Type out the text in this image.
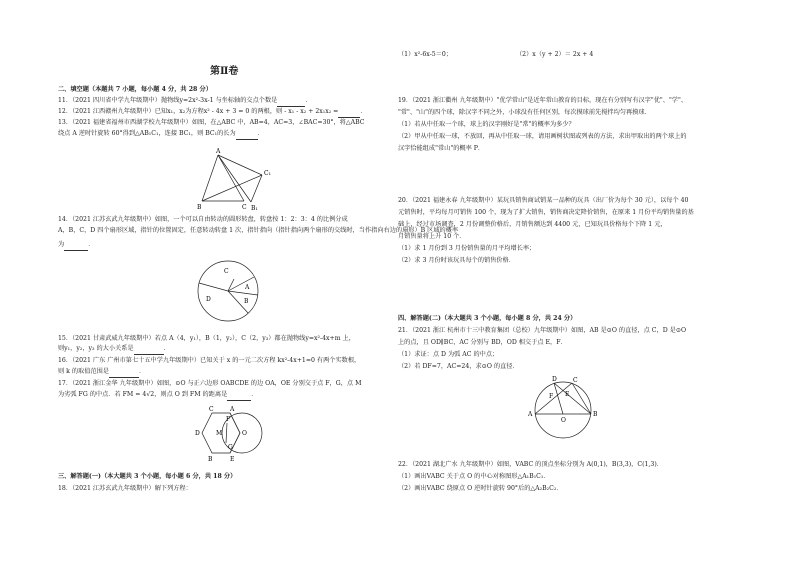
第Ⅱ卷
二、填空题（本题共 7 小题，每小题 4 分，共 28 分）
11．（2021 四川省中学九年级期中）抛物线y=2x²-3x-1 与坐标轴的交点个数是	．
12．（2021 江西赣州九年级期中）已知x₁，x₂为方程x² - 4x + 3 = 0 的两根，则 - x₁ - x₂ + 2x₁x₂ =	．
13．（2021 福建省福州市西湖学校九年级期中）如图，在△ABC 中，AB=4，AC=3，∠BAC=30°，将△ABC
绕点 A 逆时针旋转 60°得到△AB₁C₁，连接 BC₁，则 BC₁的长为	．
A
B	C B₁
C₁
14．（2021 江苏玄武九年级期中）如图，一个可以自由转动的圆形转盘，转盘按 1：2：3：4 的比例分成
A，B，C，D 四个扇形区域，指针的位置固定，任意转动转盘 1 次，指针指向（指针指向两个扇形的交线时，当作指向右边的扇形）B 区域的概率
为	．
C
D
A
B
15．（2021 甘肃武威九年级期中）若点 A（4，y₁），B（1，y₂），C（2，y₃）都在抛物线y=x²-4x+m 上，
则y₁，y₂，y₃ 的大小关系是	．
16．（2021 广东 广州市第七十五中学九年级期中）已知关于 x 的一元二次方程 kx²-4x+1=0 有两个实数根，
则 k 的取值范围是	．
17．（2021 浙江金华 九年级期中）如图，⊙O 与正六边形 OABCDE 的边 OA，OE 分别交于点 F，G，点 M
为劣弧 FG 的中点．若 FM = 4√2，则点 O 到 FM 的距离是	．
C	A
D	M
F
G
O
B	E
三、解答题(一)（本大题共 3 个小题，每小题 6 分，共 18 分）
18．（2021 江苏玄武九年级期中）解下列方程：
（1）x²-6x-5＝0；	（2）x（y + 2）＝ 2x + 4
19．（2021 浙江衢州 九年级期中）"优学常山"是近年常山教育的目标，现在有分别写有汉字"优"、"学"、
"常"、"山"的四个球，除汉字不同之外，小球没有任何区别，每次摸球前先搅拌均匀再摸球．
（1）若从中任取一个球，球上的汉字刚好是"常"的概率为多少？
（2）甲从中任取一球，不放回，再从中任取一球，请用画树状图或列表的方法，求出甲取出的两个球上的
汉字恰能组成"常山"的概率 P．
20．（2021 福建永春 九年级期中）某玩具销售商试销某一品种的玩具（出厂价为每个 30 元），以每个 40
元销售时，平均每月可销售 100 个，现为了扩大销售，销售商决定降价销售，在原来 1 月份平均销售量的基
础上，经过市场调查，2 月份调整价格后，月销售额达到 4400 元，已知玩具价格每个下降 1 元，
月销售量将上升 10 个．
（1）求 1 月份到 3 月份销售量的月平均增长率；
（2）求 3 月份时该玩具每个的销售价格．
四、解答题(二)（本大题共 3 个小题，每小题 8 分，共 24 分）
21．（2021 浙江 杭州市十三中教育集团（总校）九年级期中）如图，AB 是⊙O 的直径，点 C，D 是⊙O
上的点，且 OD∥BC，AC 分别与 BD，OD 相交于点 E，F．
（1）求证：点 D 为弧 AC 的中点；
（2）若 DF=7，AC=24，求⊙O 的直径．
D	C
A	B
O
E
F
22．（2021 湖北广水 九年级期中）如图，VABC 的顶点坐标分别为 A(0,1)，B(3,3)，C(1,3)．
（1）画出VABC 关于点 O 的中心对称图形△A₁B₁C₁．
（2）画出VABC 绕原点 O 逆时针旋转 90°后的△A₂B₂C₂．
